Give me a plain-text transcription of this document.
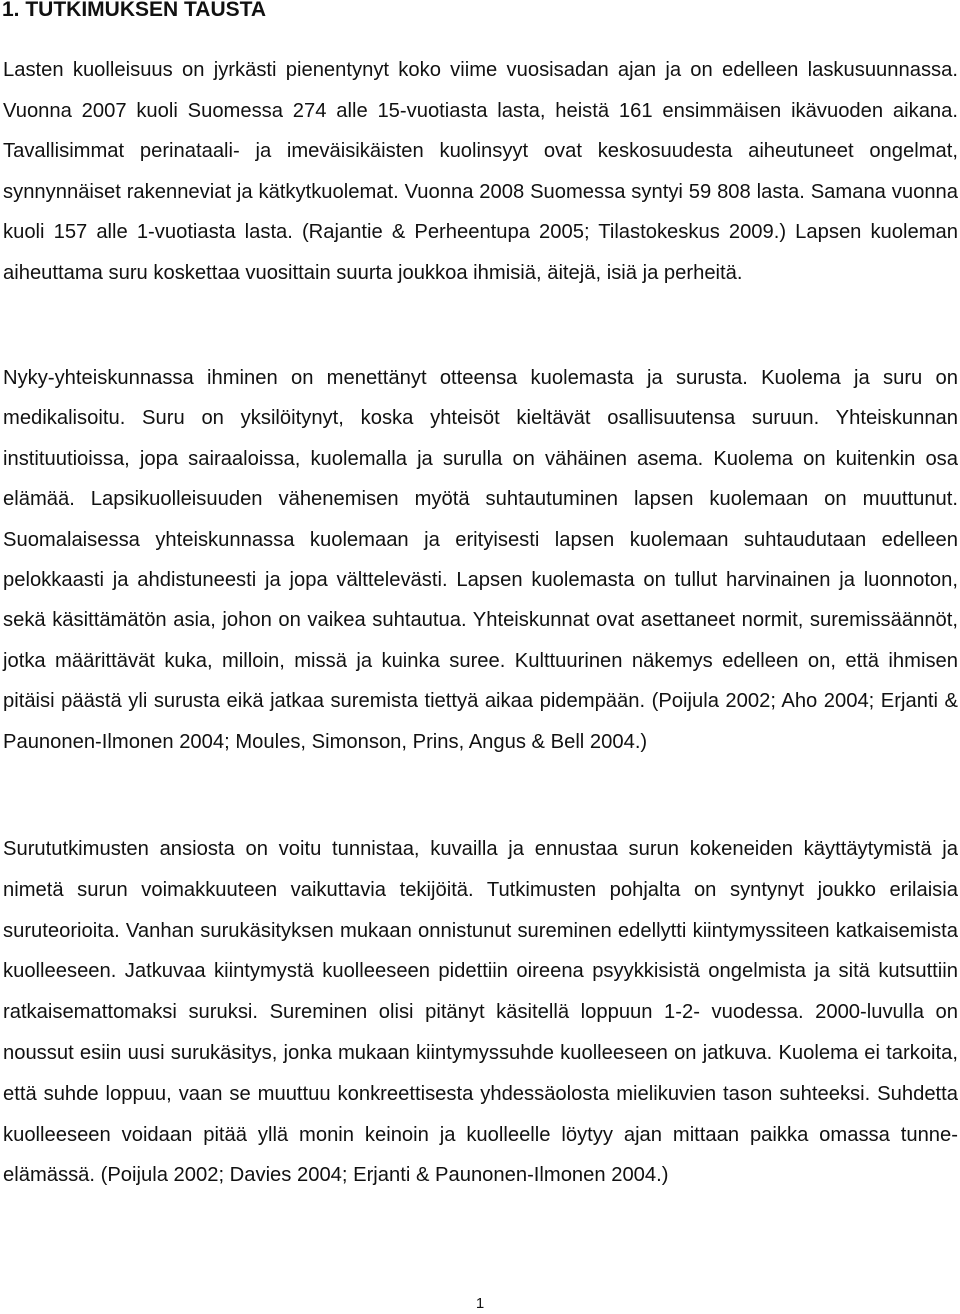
1. TUTKIMUKSEN TAUSTA

Lasten kuolleisuus on jyrkästi pienentynyt koko viime vuosisadan ajan ja on edelleen laskusuunnassa. Vuonna 2007 kuoli Suomessa 274 alle 15-vuotiasta lasta, heistä 161 ensimmäisen ikävuoden aikana. Tavallisimmat perinataali- ja imeväisikäisten kuolinsyyt ovat keskosuudesta aiheutuneet ongelmat, synnynnäiset rakenneviat ja kätkytkuolemat. Vuonna 2008 Suomessa syntyi 59 808 lasta. Samana vuonna kuoli 157 alle 1-vuotiasta lasta. (Rajantie & Perheentupa 2005; Tilastokeskus 2009.) Lapsen kuoleman aiheuttama suru koskettaa vuosittain suurta joukkoa ihmisiä, äitejä, isiä ja perheitä.

Nyky-yhteiskunnassa ihminen on menettänyt otteensa kuolemasta ja surusta. Kuolema ja suru on medikalisoitu. Suru on yksilöitynyt, koska yhteisöt kieltävät osallisuutensa suruun. Yhteiskunnan instituutioissa, jopa sairaaloissa, kuolemalla ja surulla on vähäinen asema. Kuolema on kuitenkin osa elämää. Lapsikuolleisuuden vähenemisen myötä suhtautuminen lapsen kuolemaan on muuttunut. Suomalaisessa yhteiskunnassa kuolemaan ja erityisesti lapsen kuolemaan suhtaudutaan edelleen pelokkaasti ja ahdistuneesti ja jopa välttelevästi. Lapsen kuolemasta on tullut harvinainen ja luonnoton, sekä käsittämätön asia, johon on vaikea suhtautua. Yhteiskunnat ovat asettaneet normit, suremissäännöt, jotka määrittävät kuka, milloin, missä ja kuinka suree. Kulttuurinen näkemys edelleen on, että ihmisen pitäisi päästä yli surusta eikä jatkaa suremista tiettyä aikaa pidempään. (Poijula 2002; Aho 2004; Erjanti & Paunonen-Ilmonen 2004; Moules, Simonson, Prins, Angus & Bell 2004.)

Surututkimusten ansiosta on voitu tunnistaa, kuvailla ja ennustaa surun kokeneiden käyttäytymistä ja nimetä surun voimakkuuteen vaikuttavia tekijöitä. Tutkimusten pohjalta on syntynyt joukko erilaisia suruteorioita. Vanhan surukäsityksen mukaan onnistunut sureminen edellytti kiintymyssiteen katkaisemista kuolleeseen. Jatkuvaa kiintymystä kuolleeseen pidettiin oireena psyykkisistä ongelmista ja sitä kutsuttiin ratkaisemattomaksi suruksi. Sureminen olisi pitänyt käsitellä loppuun 1-2- vuodessa. 2000-luvulla on noussut esiin uusi surukäsitys, jonka mukaan kiintymyssuhde kuolleeseen on jatkuva. Kuolema ei tarkoita, että suhde loppuu, vaan se muuttuu konkreettisesta yhdessäolosta mielikuvien tason suhteeksi. Suhdetta kuolleeseen voidaan pitää yllä monin keinoin ja kuolleelle löytyy ajan mittaan paikka omassa tunne-elämässä. (Poijula 2002; Davies 2004; Erjanti & Paunonen-Ilmonen 2004.)

1
